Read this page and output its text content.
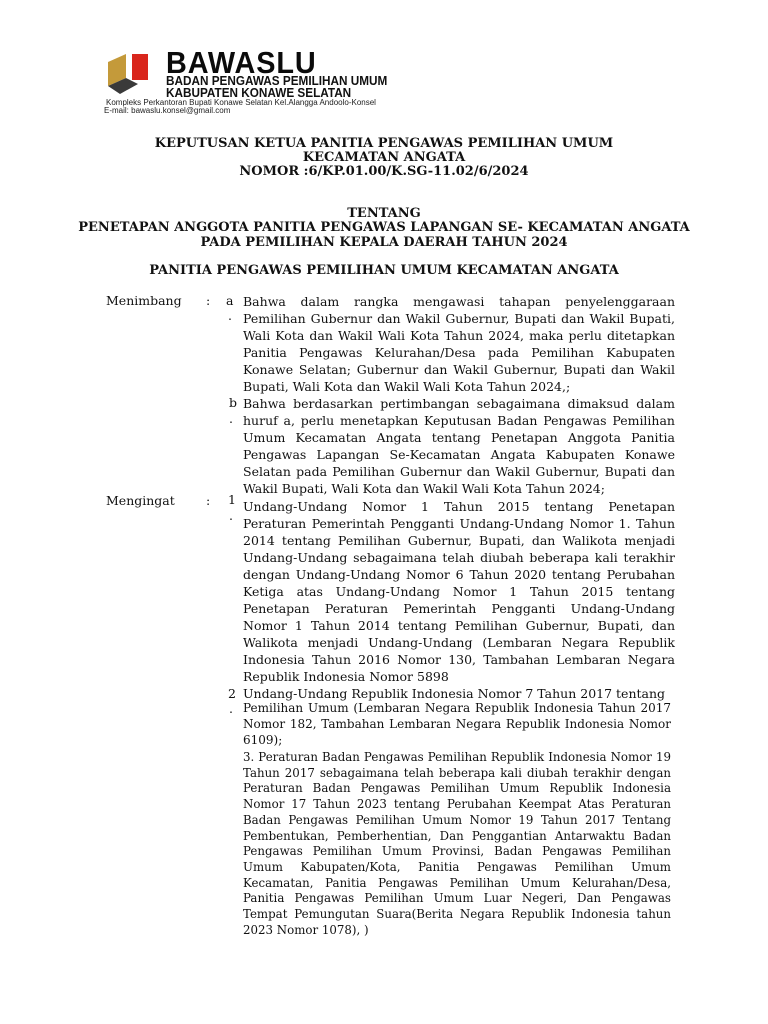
BAWASLU
BADAN PENGAWAS PEMILIHAN UMUM
KABUPATEN KONAWE SELATAN
Kompleks Perkantoran Bupati Konawe Selatan Kel.Alangga Andoolo-Konsel
E-mail: bawaslu.konsel@gmail.com
KEPUTUSAN KETUA PANITIA PENGAWAS PEMILIHAN UMUM
KECAMATAN ANGATA
NOMOR :6/KP.01.00/K.SG-11.02/6/2024
TENTANG
PENETAPAN ANGGOTA PANITIA PENGAWAS LAPANGAN SE- KECAMATAN ANGATA
PADA PEMILIHAN KEPALA DAERAH TAHUN 2024
PANITIA PENGAWAS PEMILIHAN UMUM KECAMATAN ANGATA
Menimbang : a
.
Bahwa dalam rangka mengawasi tahapan penyelenggaraan Pemilihan Gubernur dan Wakil Gubernur, Bupati dan Wakil Bupati, Wali Kota dan Wakil Wali Kota Tahun 2024, maka perlu ditetapkan Panitia Pengawas Kelurahan/Desa pada Pemilihan Kabupaten Konawe Selatan; Gubernur dan Wakil Gubernur, Bupati dan Wakil Bupati, Wali Kota dan Wakil Wali Kota Tahun 2024,;
b
.
Bahwa berdasarkan pertimbangan sebagaimana dimaksud dalam huruf a, perlu menetapkan Keputusan Badan Pengawas Pemilihan Umum Kecamatan Angata tentang Penetapan Anggota Panitia Pengawas Lapangan Se-Kecamatan Angata Kabupaten Konawe Selatan pada Pemilihan Gubernur dan Wakil Gubernur, Bupati dan Wakil Bupati, Wali Kota dan Wakil Wali Kota Tahun 2024;
Mengingat : 1
.
Undang-Undang Nomor 1 Tahun 2015 tentang Penetapan Peraturan Pemerintah Pengganti Undang-Undang Nomor 1. Tahun 2014 tentang Pemilihan Gubernur, Bupati, dan Walikota menjadi Undang-Undang sebagaimana telah diubah beberapa kali terakhir dengan Undang-Undang Nomor 6 Tahun 2020 tentang Perubahan Ketiga atas Undang-Undang Nomor 1 Tahun 2015 tentang Penetapan Peraturan Pemerintah Pengganti Undang-Undang Nomor 1 Tahun 2014 tentang Pemilihan Gubernur, Bupati, dan Walikota menjadi Undang-Undang (Lembaran Negara Republik Indonesia Tahun 2016 Nomor 130, Tambahan Lembaran Negara Republik Indonesia Nomor 5898
2
.
Undang-Undang Republik Indonesia Nomor 7 Tahun 2017 tentang
Pemilihan Umum (Lembaran Negara Republik Indonesia Tahun 2017 Nomor 182, Tambahan Lembaran Negara Republik Indonesia Nomor 6109);
3. Peraturan Badan Pengawas Pemilihan Republik Indonesia Nomor 19 Tahun 2017 sebagaimana telah beberapa kali diubah terakhir dengan Peraturan Badan Pengawas Pemilihan Umum Republik Indonesia Nomor 17 Tahun 2023 tentang Perubahan Keempat Atas Peraturan Badan Pengawas Pemilihan Umum Nomor 19 Tahun 2017 Tentang Pembentukan, Pemberhentian, Dan Penggantian Antarwaktu Badan Pengawas Pemilihan Umum Provinsi, Badan Pengawas Pemilihan Umum Kabupaten/Kota, Panitia Pengawas Pemilihan Umum Kecamatan, Panitia Pengawas Pemilihan Umum Kelurahan/Desa, Panitia Pengawas Pemilihan Umum Luar Negeri, Dan Pengawas Tempat Pemungutan Suara(Berita Negara Republik Indonesia tahun 2023 Nomor 1078), )
